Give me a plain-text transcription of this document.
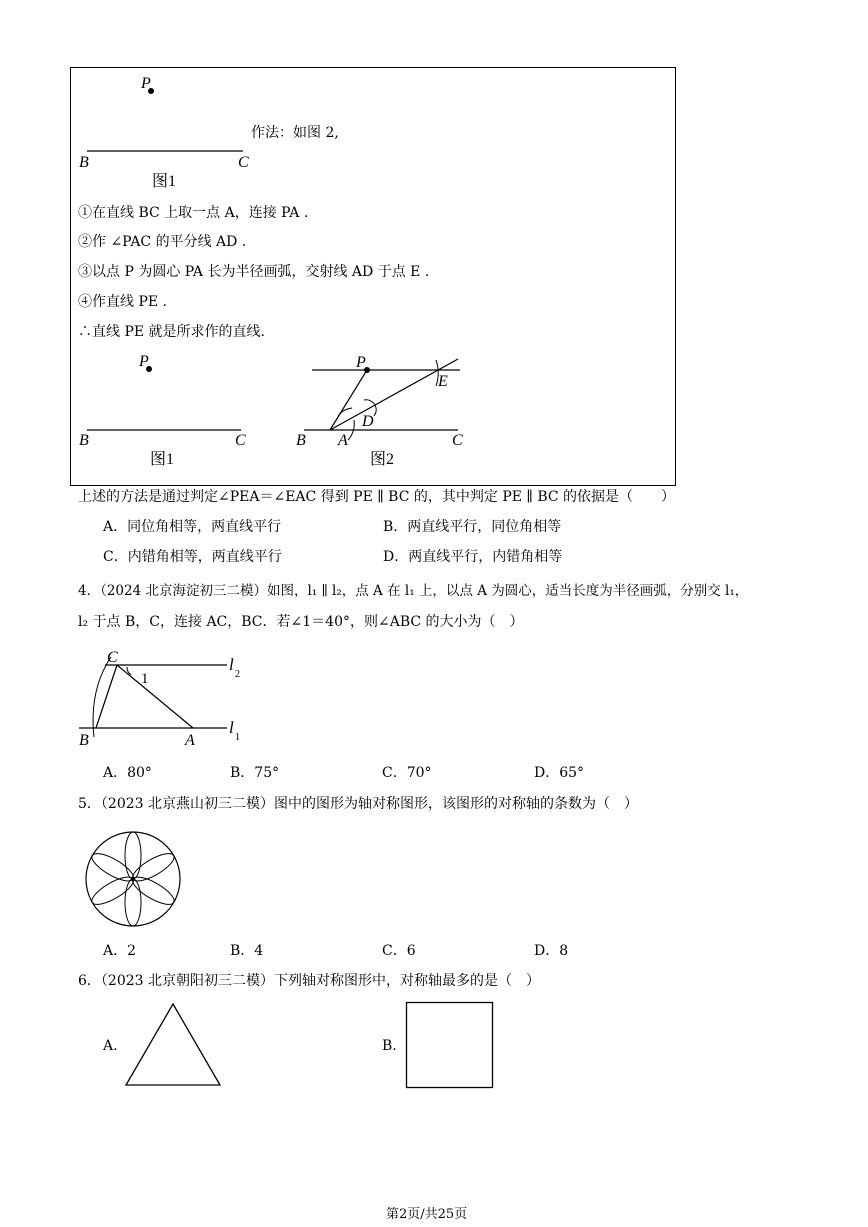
P
B	C
图1
作法：如图 2,
①在直线 BC 上取一点 A，连接 PA .
②作 ∠PAC 的平分线 AD .
③以点 P 为圆心 PA 长为半径画弧，交射线 AD 于点 E .
④作直线 PE .
∴直线 PE 就是所求作的直线.
P
B	C
图1
P
E
D
B A	C
图2
上述的方法是通过判定∠PEA＝∠EAC 得到 PE ∥ BC 的，其中判定 PE ∥ BC 的依据是（　　）
A．同位角相等，两直线平行	B．两直线平行，同位角相等
C．内错角相等，两直线平行	D．两直线平行，内错角相等
4．（2024 北京海淀初三二模）如图，l₁ ∥ l₂，点 A 在 l₁ 上，以点 A 为圆心，适当长度为半径画弧，分别交 l₁，
l₂ 于点 B，C，连接 AC，BC．若∠1＝40°，则∠ABC 的大小为（　）
C
1
l
2
B	A
l
1
A．80°	B．75°	C．70°	D．65°
5．（2023 北京燕山初三二模）图中的图形为轴对称图形，该图形的对称轴的条数为（　）
A．2	B．4	C．6	D．8
6．（2023 北京朝阳初三二模）下列轴对称图形中，对称轴最多的是（　）
A.	B.
第2页/共25页
